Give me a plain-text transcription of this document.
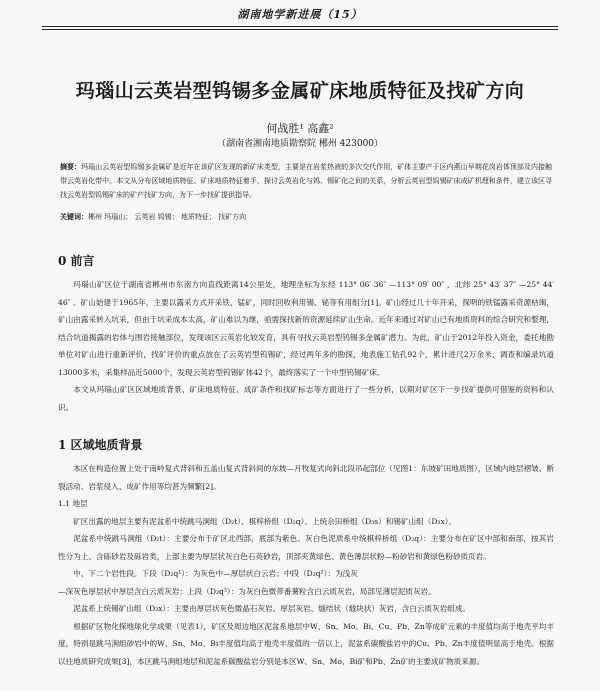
湖南地学新进展（15）
玛瑙山云英岩型钨锡多金属矿床地质特征及找矿方向
何战胜¹ 高鑫²
（湖南省湘南地质勘察院 郴州 423000）
摘要：玛瑙山云英岩型钨锡多金属矿是近年在该矿区发现的新矿床类型，主要是在岩浆热液的多次交代作用，矿体主要产于区内燕山早期花岗岩体顶部及内接触带云英岩化带中。本文从分布区域地质特征、矿床地质特征着手，探讨云英岩化与钨、锡矿化之间的关系，分析云英岩型钨锡矿床成矿机理和条件，建立该区寻找云英岩型钨锡矿床的矿产找矿方向，为下一步找矿提供指导。
关键词：郴州 玛瑙山； 云英岩 钨锡； 地质特征； 找矿方向
0 前言

玛瑙山矿区位于湖南省郴州市东南方向直线距离14公里处，地理坐标为东经 113° 06′ 36″ —113° 09′ 00″ ，北纬 25° 43′ 37″ —25° 44′ 46″ 。矿山始建于1965年，主要以露采方式开采铁、锰矿，同时回收利用锡、铋等有用组分[1]。矿山经过几十年开采，探明的铁锰露采资源枯竭，矿山由露采转入坑采，但由于坑采成本太高，矿山难以为继，亟需探找新的资源延续矿山生命。近年来通过对矿山已有地质资料的综合研究和整理，结合坑道揭露的岩体与围岩接触部位，发现该区云英岩化较发育，具有寻找云英岩型钨锡多金属矿潜力。为此，矿山于2012年投入资金，委托地勘单位对矿山进行重新评价，找矿评价的重点放在了云英岩型钨锡矿，经过两年多的勘探，地表施工钻孔92个，累计进尺2万余米，调查和编录坑道13000多米，采集样品近5000个，发现云英岩型钨锡矿体42个，最终落实了一个中型钨锡矿床。

本文从玛瑙山矿区区域地质背景、矿床地质特征、成矿条件和找矿标志等方面进行了一些分析，以期对矿区下一步找矿提供可借鉴的资料和认识。

1 区域地质背景

本区在构造位置上处于南岭复式背斜和五盖山复式背斜间的东坡—月牧复式向斜北段吊起部位（见图1：东坡矿田地质图），区域内地层褶皱、断裂活动、岩浆侵入、成矿作用等均甚为频繁[2]。

1.1 地层

矿区出露的地层主要有泥盆系中统跳马涧组（D₂t）、棋梓桥组（D₂q）、上统佘田桥组（D₃s）和锡矿山组（D₃x）。

泥盆系中统跳马涧组（D₂t）：主要分布于矿区北西部，底部为紫色、灰白色泥质系中统棋梓桥组（D₂q）：主要分布在矿区中部和南部，按其岩性分为上、含砾砂岩及砾岩类，上部主要为厚层状灰白色石英砂岩，顶部夹黄绿色、黄色薄层状粉—粉砂岩和黄绿色粉砂质页岩。

中、下二个岩性段。下段（D₂q¹）：为灰色中—厚层状白云岩；中段（D₂q²）：为浅灰

—深灰色厚层状中厚层含白云质灰岩；上段（D₂q³）：为灰白色微带番薯粒含白云质灰岩，局部见薄层泥质灰岩。

泥盆系上统锡矿山组（D₃x）：主要由厚层状灰色微晶石灰岩、厚层灰岩、燧结状（燧块状）灰岩，含白云质灰岩组成。

根据矿区物化探地球化学成果（见表1），矿区及周边地区泥盆系地层中W、Sn、Mo、Bi、Cu、Pb、Zn等成矿元素的丰度值均高于地壳平均丰度，特别是跳马涧组砂岩中的W、Sn、Mo、Bi丰度值均高于地壳丰度值的一倍以上，泥盆系碳酸盐岩中的Cu、Pb、Zn丰度值明显高于地壳。根据以往地质研究成果[3]，本区跳马涧组地层和泥盆系碳酸盐岩分别是本区W、Sn、Mo、Bi矿和Pb、Zn矿的主要成矿物质来源。
